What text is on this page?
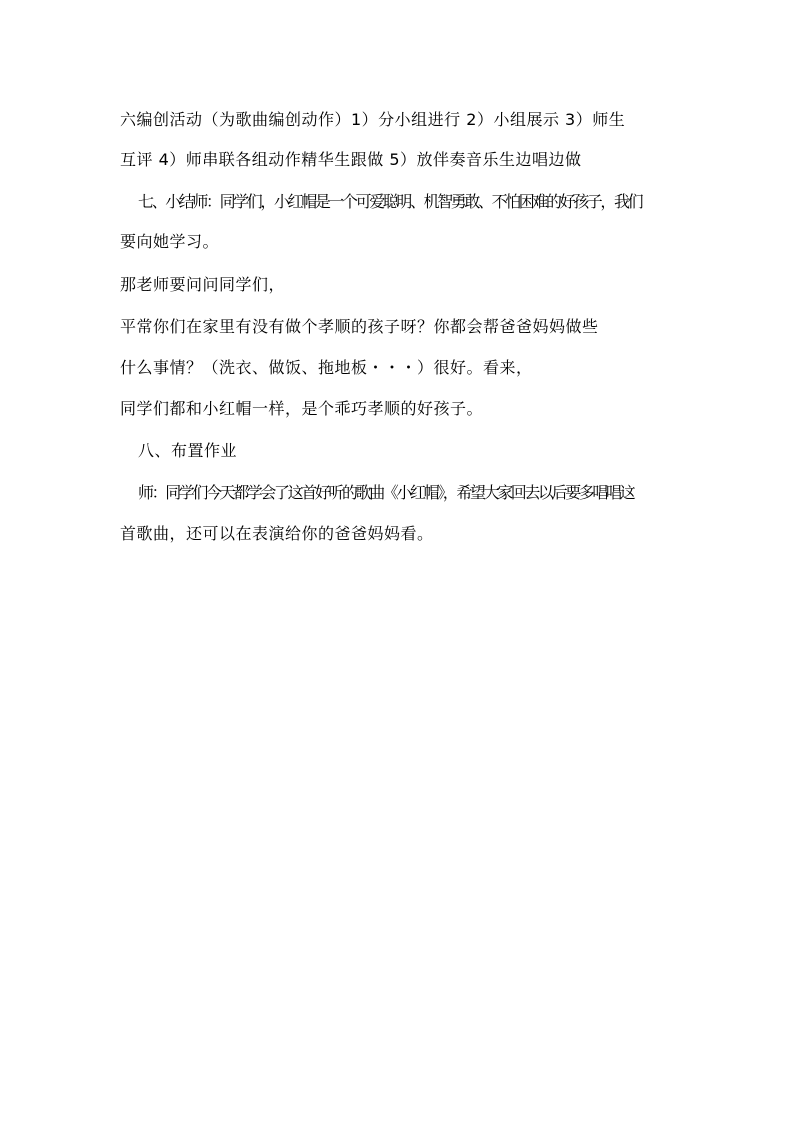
六编创活动（为歌曲编创动作）1）分小组进行 2）小组展示 3）师生
互评 4）师串联各组动作精华生跟做 5）放伴奏音乐生边唱边做
七、小结师：同学们，小红帽是一个可爱聪明、机智勇敢、不怕困难的好孩子，我们
要向她学习。
那老师要问问同学们，
平常你们在家里有没有做个孝顺的孩子呀？你都会帮爸爸妈妈做些
什么事情？（洗衣、做饭、拖地板・・・）很好。看来，
同学们都和小红帽一样，是个乖巧孝顺的好孩子。
八、布置作业
师：同学们今天都学会了这首好听的歌曲《小红帽》，希望大家回去以后要多唱唱这
首歌曲，还可以在表演给你的爸爸妈妈看。
